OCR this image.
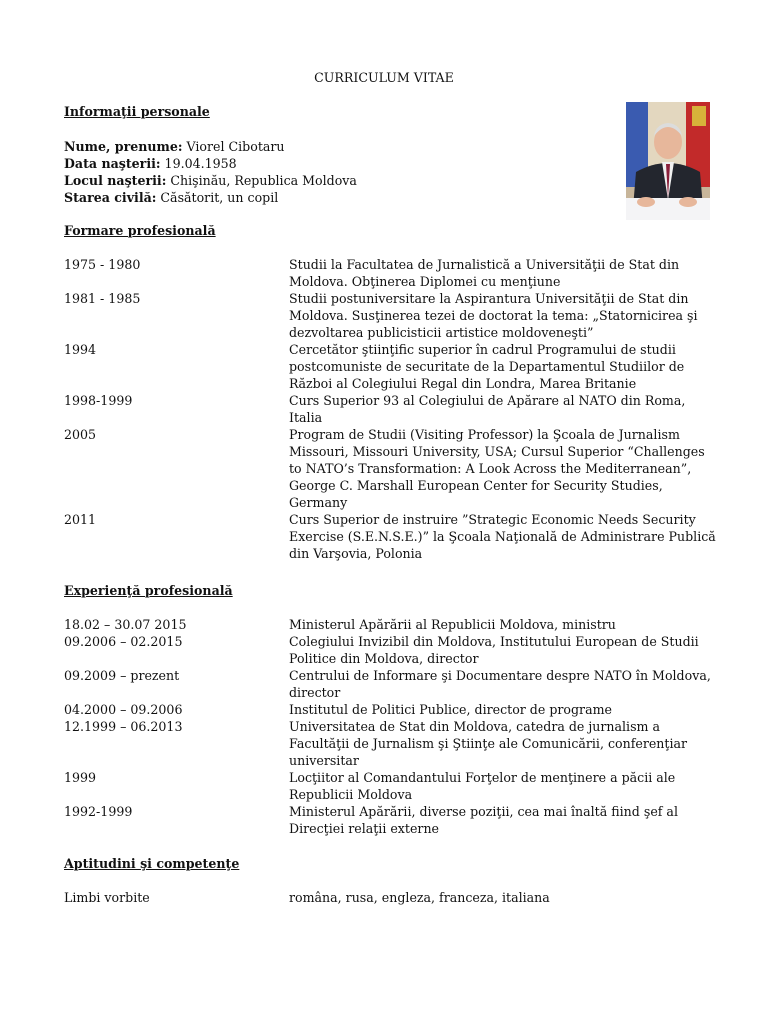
CURRICULUM VITAE
Informaţii personale
Nume, prenume: Viorel Cibotaru
Data naşterii: 19.04.1958
Locul naşterii: Chişinău, Republica Moldova
Starea civilă: Căsătorit, un copil
Formare profesională
1975 - 1980	Studii la Facultatea de Jurnalistică a Universităţii de Stat din Moldova. Obţinerea Diplomei cu menţiune
1981 - 1985	Studii postuniversitare la Aspirantura Universităţii de Stat din Moldova. Susţinerea tezei de doctorat la tema: „Statornicirea şi dezvoltarea publicisticii artistice moldoveneşti”
1994	Cercetător ştiinţific superior în cadrul Programului de studii postcomuniste de securitate de la Departamentul Studiilor de Război al Colegiului Regal din Londra, Marea Britanie
1998-1999	Curs Superior 93 al Colegiului de Apărare al NATO din Roma, Italia
2005	Program de Studii (Visiting Professor) la Şcoala de Jurnalism Missouri, Missouri University, USA; Cursul Superior “Challenges to NATO’s Transformation: A Look Across the Mediterranean”, George C. Marshall European Center for Security Studies, Germany
2011	Curs Superior de instruire ”Strategic Economic Needs Security Exercise (S.E.N.S.E.)” la Şcoala Naţională de Administrare Publică din Varşovia, Polonia
Experienţă profesională
18.02 – 30.07 2015	Ministerul Apărării al Republicii Moldova, ministru
09.2006 – 02.2015	Colegiului Invizibil din Moldova, Institutului European de Studii Politice din Moldova, director
09.2009 – prezent	Centrului de Informare şi Documentare despre NATO în Moldova, director
04.2000 – 09.2006	Institutul de Politici Publice, director de programe
12.1999 – 06.2013	Universitatea de Stat din Moldova, catedra de jurnalism a Facultăţii de Jurnalism şi Ştiinţe ale Comunicării, conferenţiar universitar
1999	Locţiitor al Comandantului Forţelor de menţinere a păcii ale Republicii Moldova
1992-1999	Ministerul Apărării, diverse poziţii, cea mai înaltă fiind şef al Direcţiei relaţii externe
Aptitudini şi competenţe
Limbi vorbite	româna, rusa, engleza, franceza, italiana
